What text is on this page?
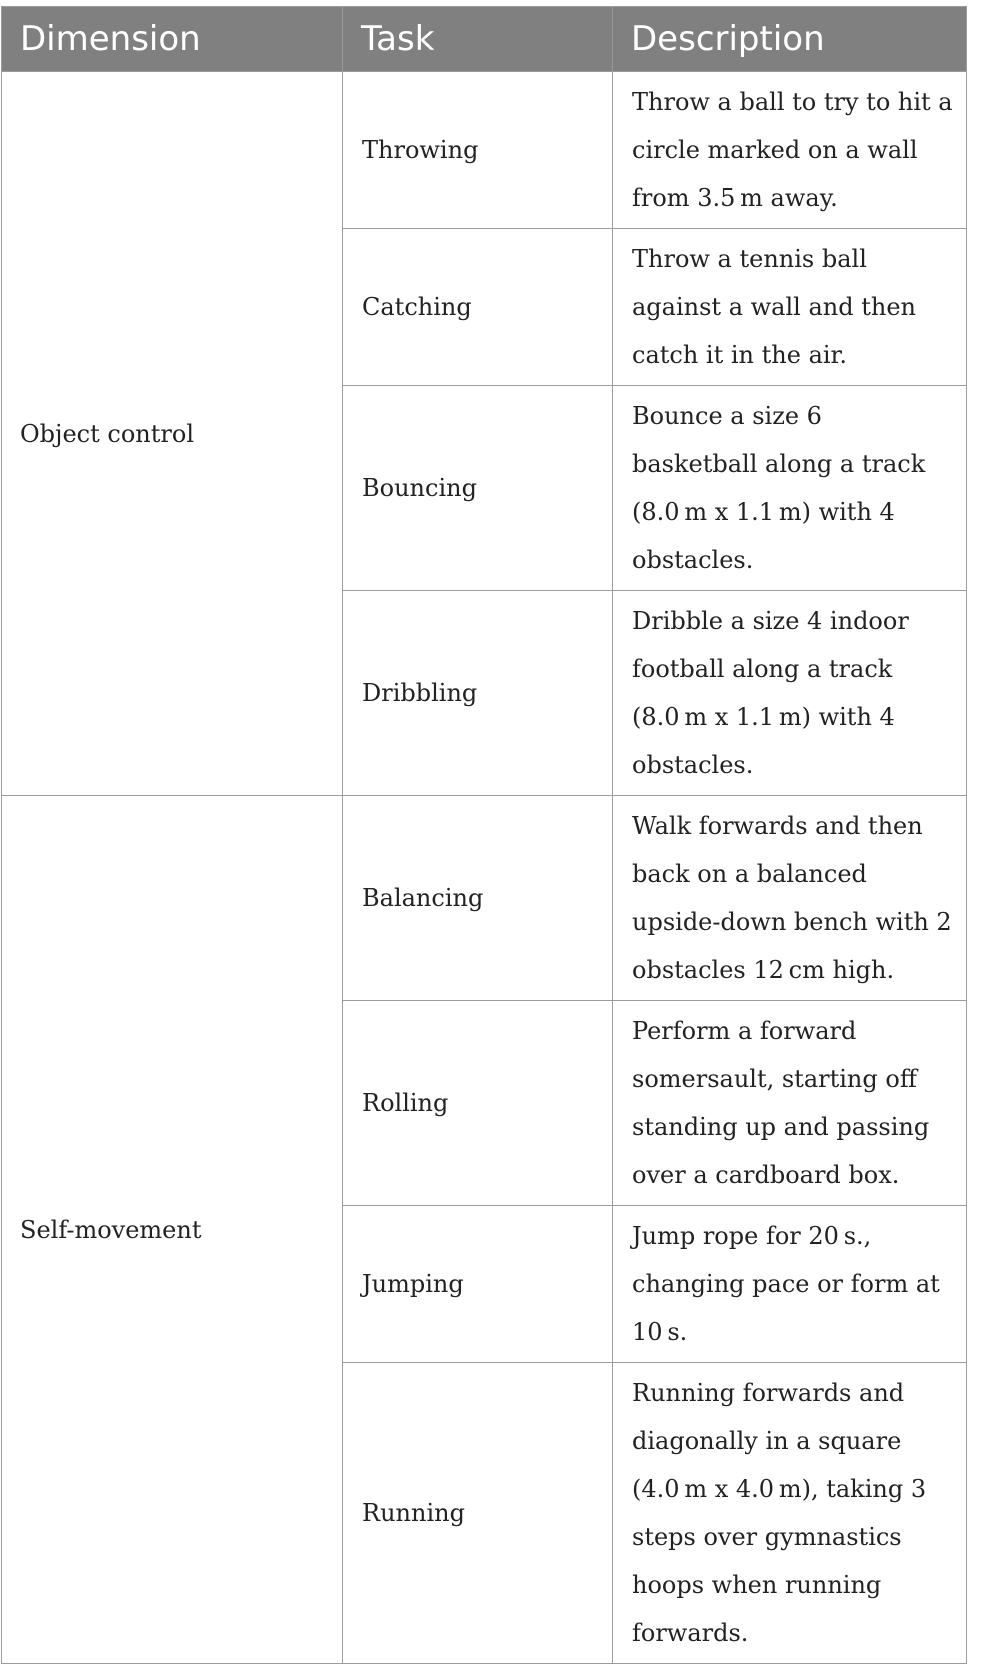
Dimension	Task	Description
Object control	Throwing	Throw a ball to try to hit a circle marked on a wall from 3.5 m away.
	Catching	Throw a tennis ball against a wall and then catch it in the air.
	Bouncing	Bounce a size 6 basketball along a track (8.0 m x 1.1 m) with 4 obstacles.
	Dribbling	Dribble a size 4 indoor football along a track (8.0 m x 1.1 m) with 4 obstacles.
Self-movement	Balancing	Walk forwards and then back on a balanced upside-down bench with 2 obstacles 12 cm high.
	Rolling	Perform a forward somersault, starting off standing up and passing over a cardboard box.
	Jumping	Jump rope for 20 s., changing pace or form at 10 s.
	Running	Running forwards and diagonally in a square (4.0 m x 4.0 m), taking 3 steps over gymnastics hoops when running forwards.
